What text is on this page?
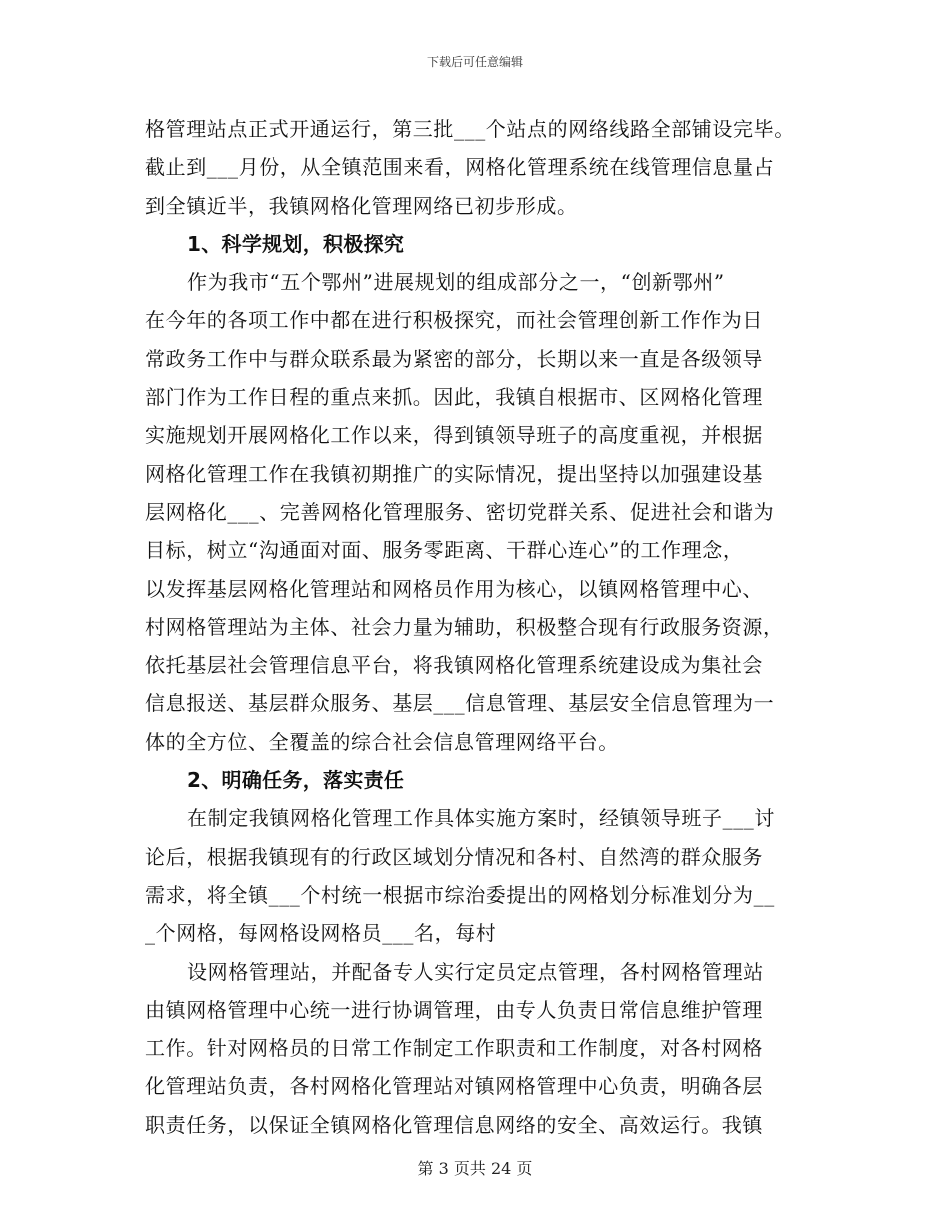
下载后可任意编辑
格管理站点正式开通运行，第三批___个站点的网络线路全部铺设完毕。
截止到___月份，从全镇范围来看，网格化管理系统在线管理信息量占
到全镇近半，我镇网格化管理网络已初步形成。
1、科学规划，积极探究
作为我市“五个鄂州”进展规划的组成部分之一，“创新鄂州”
在今年的各项工作中都在进行积极探究，而社会管理创新工作作为日
常政务工作中与群众联系最为紧密的部分，长期以来一直是各级领导
部门作为工作日程的重点来抓。因此，我镇自根据市、区网格化管理
实施规划开展网格化工作以来，得到镇领导班子的高度重视，并根据
网格化管理工作在我镇初期推广的实际情况，提出坚持以加强建设基
层网格化___、完善网格化管理服务、密切党群关系、促进社会和谐为
目标，树立“沟通面对面、服务零距离、干群心连心”的工作理念，
以发挥基层网格化管理站和网格员作用为核心，以镇网格管理中心、
村网格管理站为主体、社会力量为辅助，积极整合现有行政服务资源，
依托基层社会管理信息平台，将我镇网格化管理系统建设成为集社会
信息报送、基层群众服务、基层___信息管理、基层安全信息管理为一
体的全方位、全覆盖的综合社会信息管理网络平台。
2、明确任务，落实责任
在制定我镇网格化管理工作具体实施方案时，经镇领导班子___讨
论后，根据我镇现有的行政区域划分情况和各村、自然湾的群众服务
需求，将全镇___个村统一根据市综治委提出的网格划分标准划分为__
_个网格，每网格设网格员___名，每村
设网格管理站，并配备专人实行定员定点管理，各村网格管理站
由镇网格管理中心统一进行协调管理，由专人负责日常信息维护管理
工作。针对网格员的日常工作制定工作职责和工作制度，对各村网格
化管理站负责，各村网格化管理站对镇网格管理中心负责，明确各层
职责任务，以保证全镇网格化管理信息网络的安全、高效运行。我镇
第 3 页共 24 页
